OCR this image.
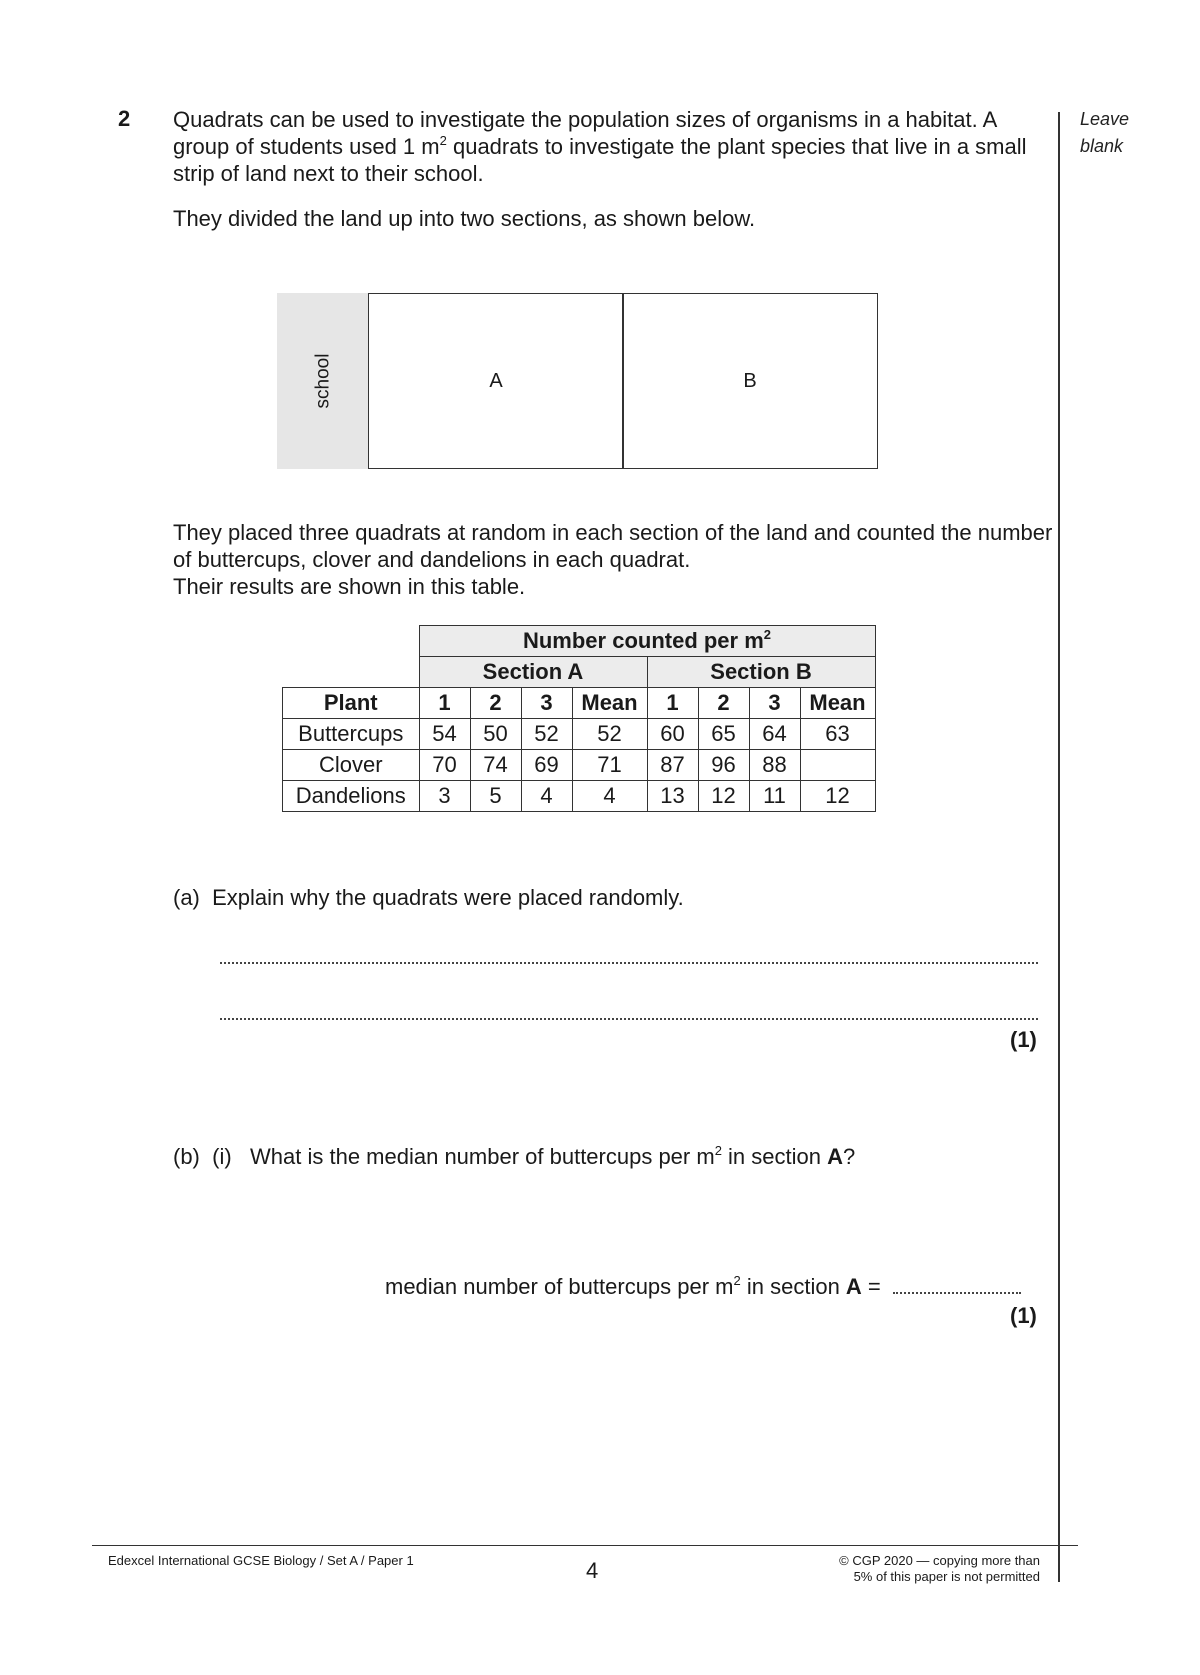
2 Quadrats can be used to investigate the population sizes of organisms in a habitat. A group of students used 1 $m^2$ quadrats to investigate the plant species that live in a small strip of land next to their school.
They divided the land up into two sections, as shown below.
Leave
blank
school	A	B
They placed three quadrats at random in each section of the land and counted the number of buttercups, clover and dandelions in each quadrat.
Their results are shown in this table.
	Number counted per $m^2$
	Section A				Section B			
Plant	1	2	3	Mean	1	2	3	Mean
Buttercups	54	50	52	52	60	65	64	63
Clover	70	74	69	71	87	96	88	
Dandelions	3	5	4	4	13	12	11	12
(a) Explain why the quadrats were placed randomly.
(1)
(b) (i) What is the median number of buttercups per $m^2$ in section A?
median number of buttercups per $m^2$ in section A =
(1)
Edexcel International GCSE Biology / Set A / Paper 1	4	© CGP 2020 — copying more than
5% of this paper is not permitted
